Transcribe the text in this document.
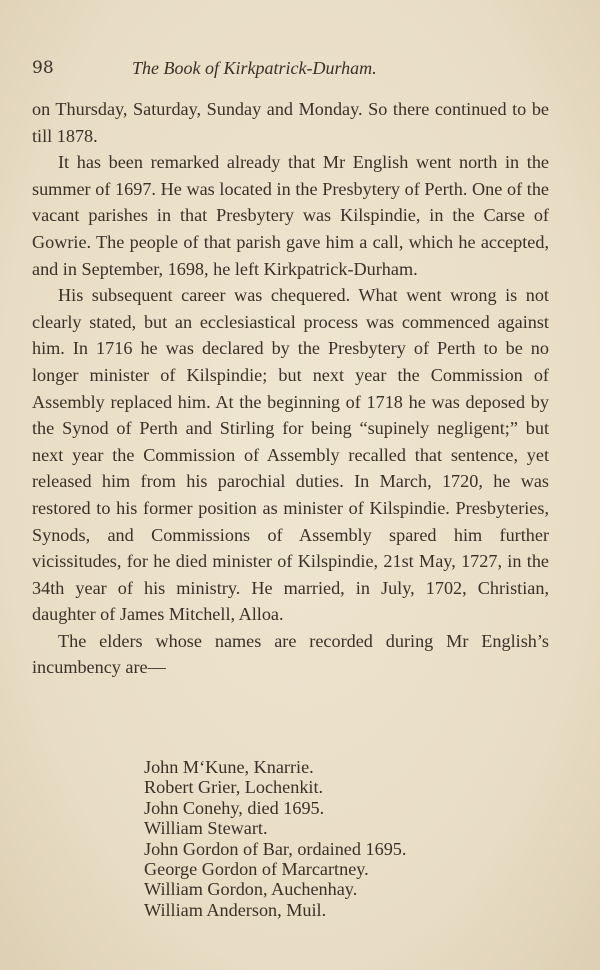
98	The Book of Kirkpatrick-Durham.

on Thursday, Saturday, Sunday and Monday. So there continued to be till 1878.

It has been remarked already that Mr English went north in the summer of 1697. He was located in the Presbytery of Perth. One of the vacant parishes in that Presbytery was Kilspindie, in the Carse of Gowrie. The people of that parish gave him a call, which he accepted, and in September, 1698, he left Kirkpatrick-Durham.

His subsequent career was chequered. What went wrong is not clearly stated, but an ecclesiastical process was commenced against him. In 1716 he was declared by the Presbytery of Perth to be no longer minister of Kilspindie; but next year the Commission of Assembly replaced him. At the beginning of 1718 he was deposed by the Synod of Perth and Stirling for being “supinely negligent;” but next year the Commission of Assembly recalled that sentence, yet released him from his parochial duties. In March, 1720, he was restored to his former position as minister of Kilspindie. Presbyteries, Synods, and Commissions of Assembly spared him further vicissitudes, for he died minister of Kilspindie, 21st May, 1727, in the 34th year of his ministry. He married, in July, 1702, Christian, daughter of James Mitchell, Alloa.

The elders whose names are recorded during Mr English’s incumbency are—

John M‘Kune, Knarrie.
Robert Grier, Lochenkit.
John Conehy, died 1695.
William Stewart.
John Gordon of Bar, ordained 1695.
George Gordon of Marcartney.
William Gordon, Auchenhay.
William Anderson, Muil.
